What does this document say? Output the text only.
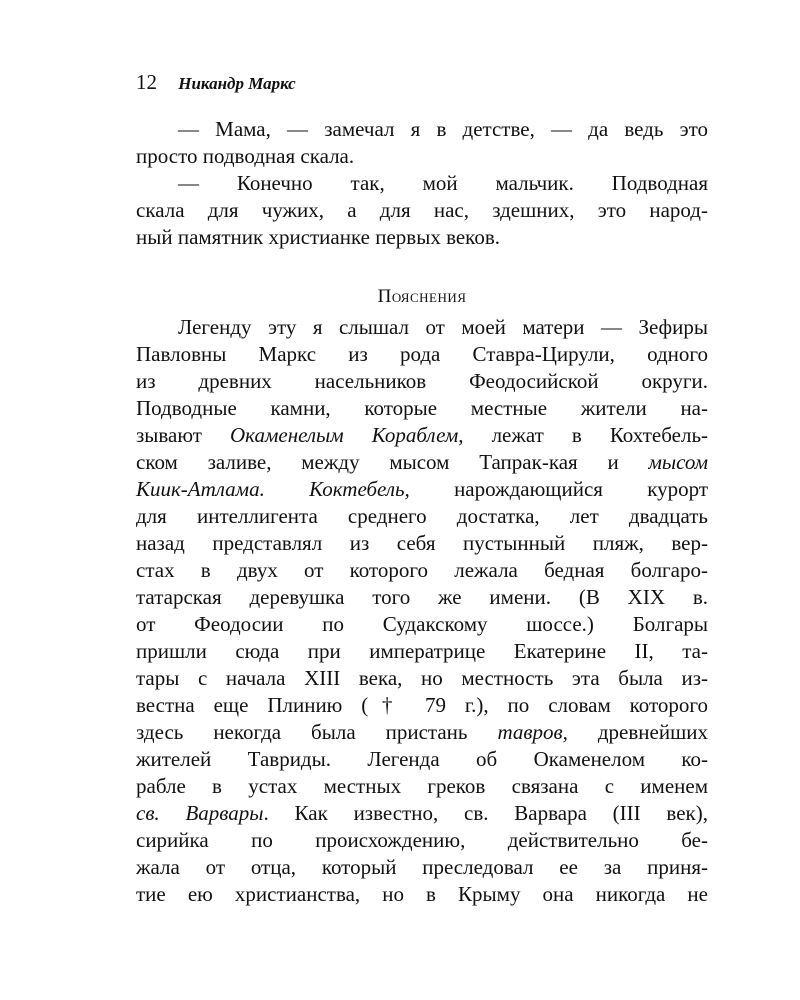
12 Никандр Маркс
— Мама, — замечал я в детстве, — да ведь это
просто подводная скала.
— Конечно так, мой мальчик. Подводная
скала для чужих, а для нас, здешних, это народ-
ный памятник христианке первых веков.
Пояснения
Легенду эту я слышал от моей матери — Зефиры
Павловны Маркс из рода Ставра-Цирули, одного
из древних насельников Феодосийской округи.
Подводные камни, которые местные жители на-
зывают Окаменелым Кораблем, лежат в Кохтебель-
ском заливе, между мысом Тапрак-кая и мысом
Киик-Атлама. Коктебель, нарождающийся курорт
для интеллигента среднего достатка, лет двадцать
назад представлял из себя пустынный пляж, вер-
стах в двух от которого лежала бедная болгаро-
татарская деревушка того же имени. (В XIX в.
от Феодосии по Судакскому шоссе.) Болгары
пришли сюда при императрице Екатерине II, та-
тары с начала XIII века, но местность эта была из-
вестна еще Плинию († 79 г.), по словам которого
здесь некогда была пристань тавров, древнейших
жителей Тавриды. Легенда об Окаменелом ко-
рабле в устах местных греков связана с именем
св. Варвары. Как известно, св. Варвара (III век),
сирийка по происхождению, действительно бе-
жала от отца, который преследовал ее за приня-
тие ею христианства, но в Крыму она никогда не
